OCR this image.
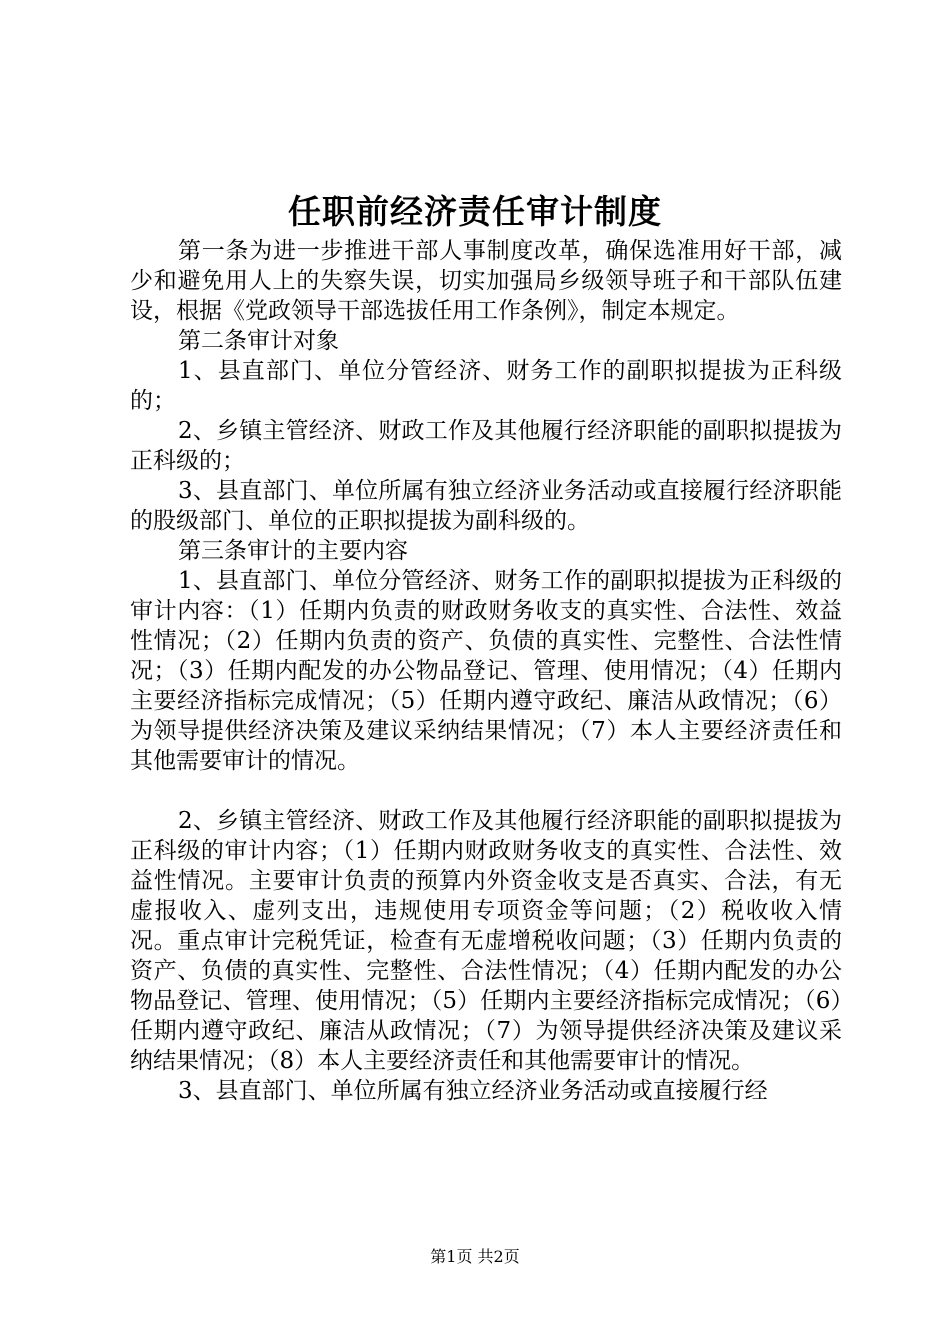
任职前经济责任审计制度

第一条为进一步推进干部人事制度改革，确保选准用好干部，减少和避免用人上的失察失误，切实加强局乡级领导班子和干部队伍建设，根据《党政领导干部选拔任用工作条例》，制定本规定。

第二条审计对象

1、县直部门、单位分管经济、财务工作的副职拟提拔为正科级的；

2、乡镇主管经济、财政工作及其他履行经济职能的副职拟提拔为正科级的；

3、县直部门、单位所属有独立经济业务活动或直接履行经济职能的股级部门、单位的正职拟提拔为副科级的。

第三条审计的主要内容

1、县直部门、单位分管经济、财务工作的副职拟提拔为正科级的审计内容：（1）任期内负责的财政财务收支的真实性、合法性、效益性情况；（2）任期内负责的资产、负债的真实性、完整性、合法性情况；（3）任期内配发的办公物品登记、管理、使用情况；（4）任期内主要经济指标完成情况；（5）任期内遵守政纪、廉洁从政情况；（6）为领导提供经济决策及建议采纳结果情况；（7）本人主要经济责任和其他需要审计的情况。

2、乡镇主管经济、财政工作及其他履行经济职能的副职拟提拔为正科级的审计内容；（1）任期内财政财务收支的真实性、合法性、效益性情况。主要审计负责的预算内外资金收支是否真实、合法，有无虚报收入、虚列支出，违规使用专项资金等问题；（2）税收收入情况。重点审计完税凭证，检查有无虚增税收问题；（3）任期内负责的资产、负债的真实性、完整性、合法性情况；（4）任期内配发的办公物品登记、管理、使用情况；（5）任期内主要经济指标完成情况；（6）任期内遵守政纪、廉洁从政情况；（7）为领导提供经济决策及建议采纳结果情况；（8）本人主要经济责任和其他需要审计的情况。

3、县直部门、单位所属有独立经济业务活动或直接履行经

第1页 共2页
